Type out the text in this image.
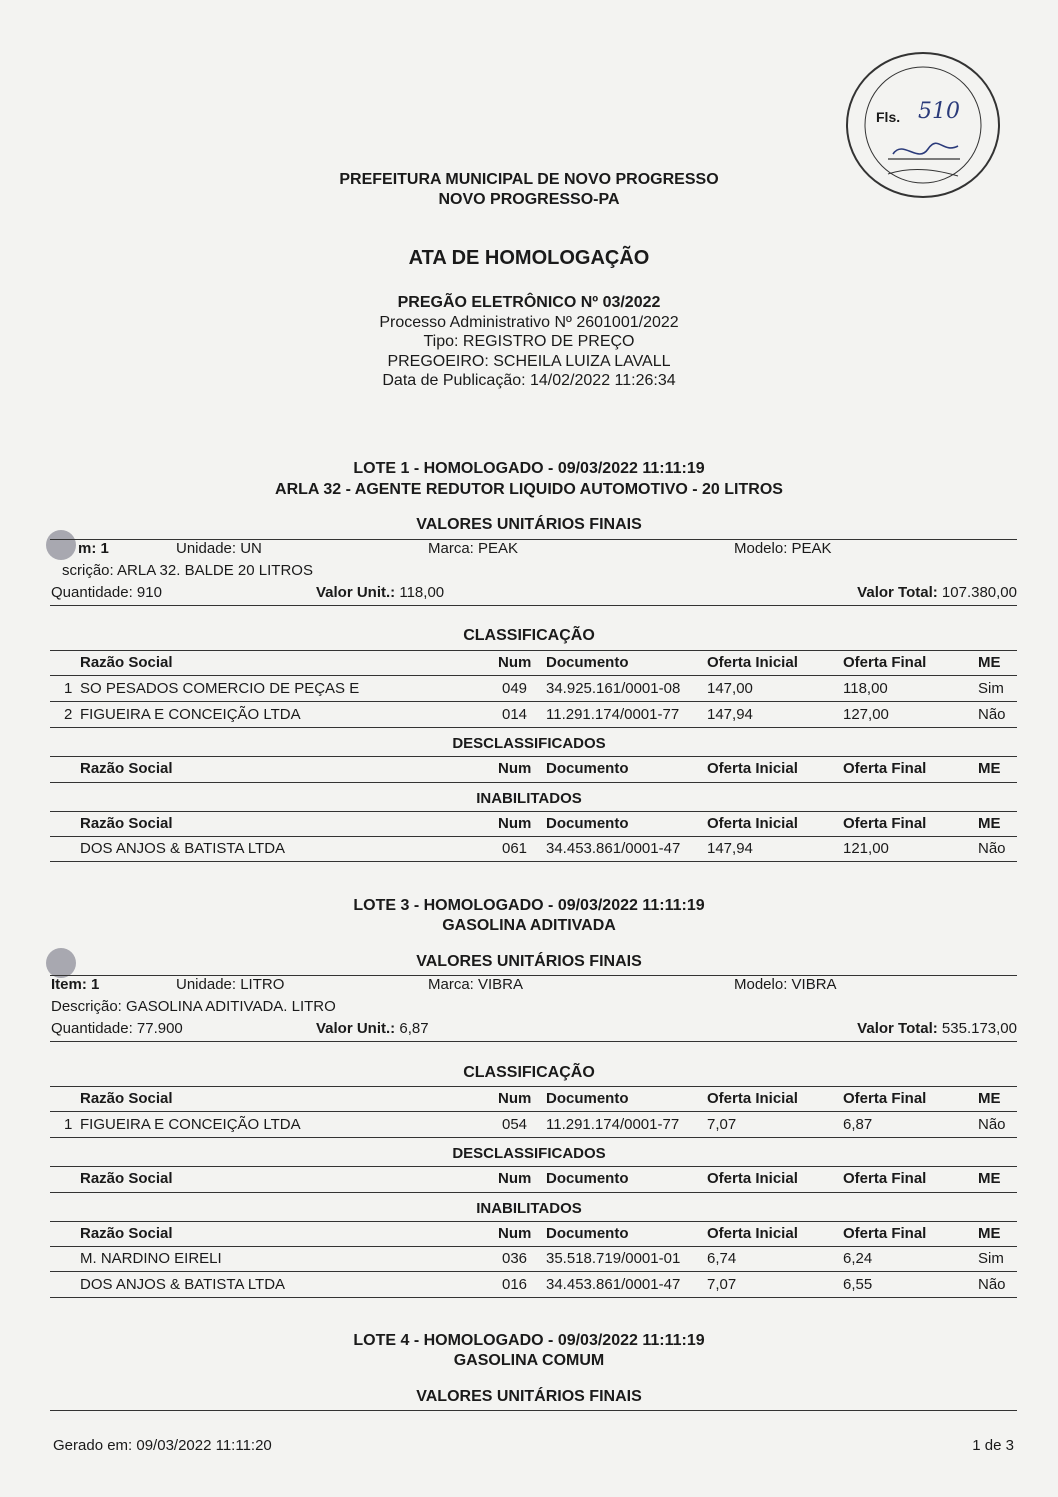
Fls. 510
PREFEITURA MUNICIPAL DE NOVO PROGRESSO
NOVO PROGRESSO-PA
ATA DE HOMOLOGAÇÃO
PREGÃO ELETRÔNICO Nº 03/2022
Processo Administrativo Nº 2601001/2022
Tipo: REGISTRO DE PREÇO
PREGOEIRO: SCHEILA LUIZA LAVALL
Data de Publicação: 14/02/2022 11:26:34
LOTE 1 - HOMOLOGADO - 09/03/2022 11:11:19
ARLA 32 - AGENTE REDUTOR LIQUIDO AUTOMOTIVO - 20 LITROS
VALORES UNITÁRIOS FINAIS
m: 1	Unidade: UN	Marca: PEAK	Modelo: PEAK
scrição: ARLA 32. BALDE 20 LITROS
Quantidade: 910	Valor Unit.: 118,00	Valor Total: 107.380,00
CLASSIFICAÇÃO
Razão Social	Num Documento	Oferta Inicial	Oferta Final	ME
1 SO PESADOS COMERCIO DE PEÇAS E	049 34.925.161/0001-08 147,00	118,00	Sim
2 FIGUEIRA E CONCEIÇÃO LTDA	014 11.291.174/0001-77 147,94	127,00	Não
DESCLASSIFICADOS
Razão Social	Num Documento	Oferta Inicial	Oferta Final	ME
INABILITADOS
Razão Social	Num Documento	Oferta Inicial	Oferta Final	ME
DOS ANJOS & BATISTA LTDA	061 34.453.861/0001-47 147,94	121,00	Não
LOTE 3 - HOMOLOGADO - 09/03/2022 11:11:19
GASOLINA ADITIVADA
VALORES UNITÁRIOS FINAIS
Item: 1	Unidade: LITRO	Marca: VIBRA	Modelo: VIBRA
Descrição: GASOLINA ADITIVADA. LITRO
Quantidade: 77.900	Valor Unit.: 6,87	Valor Total: 535.173,00
CLASSIFICAÇÃO
Razão Social	Num Documento	Oferta Inicial	Oferta Final	ME
1 FIGUEIRA E CONCEIÇÃO LTDA	054 11.291.174/0001-77 7,07	6,87	Não
DESCLASSIFICADOS
Razão Social	Num Documento	Oferta Inicial	Oferta Final	ME
INABILITADOS
Razão Social	Num Documento	Oferta Inicial	Oferta Final	ME
M. NARDINO EIRELI	036 35.518.719/0001-01 6,74	6,24	Sim
DOS ANJOS & BATISTA LTDA	016 34.453.861/0001-47 7,07	6,55	Não
LOTE 4 - HOMOLOGADO - 09/03/2022 11:11:19
GASOLINA COMUM
VALORES UNITÁRIOS FINAIS
Gerado em: 09/03/2022 11:11:20	1 de 3
